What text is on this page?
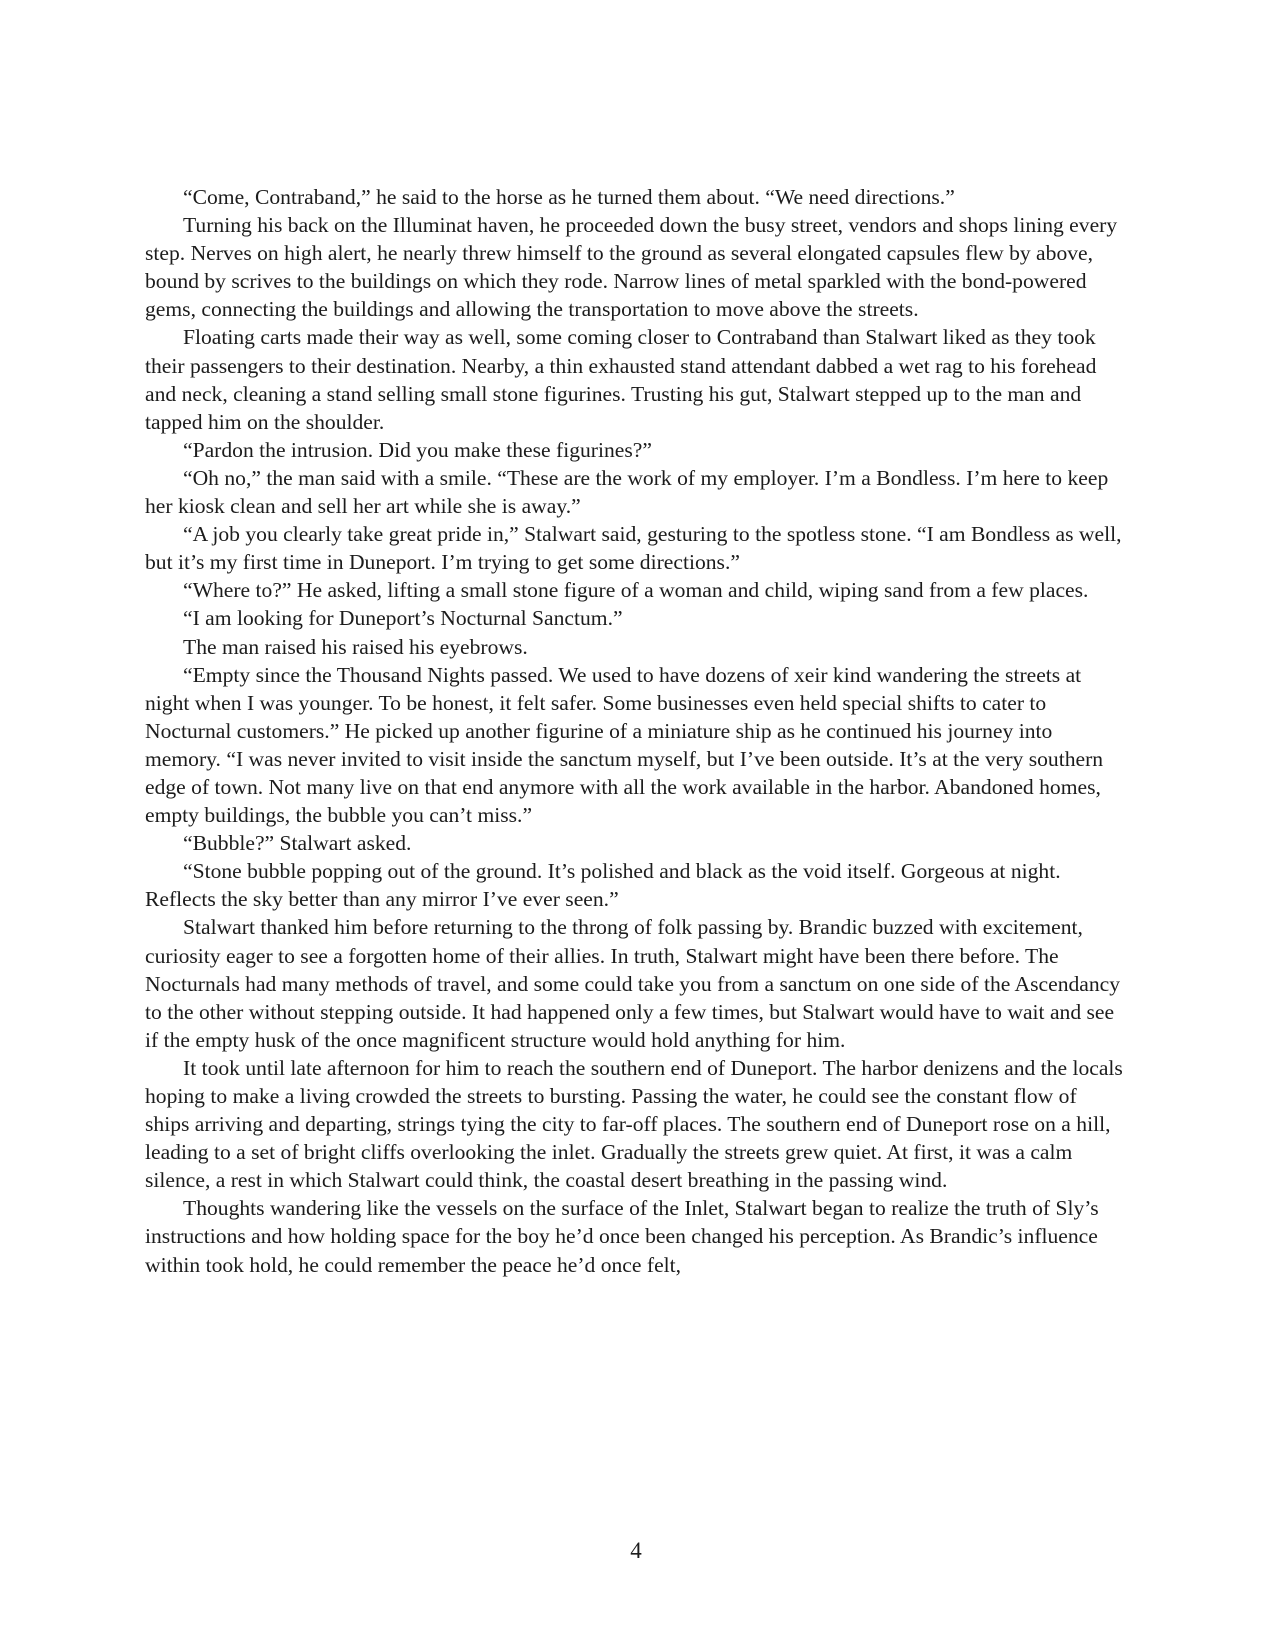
“Come, Contraband,” he said to the horse as he turned them about. “We need directions.”

Turning his back on the Illuminat haven, he proceeded down the busy street, vendors and shops lining every step. Nerves on high alert, he nearly threw himself to the ground as several elongated capsules flew by above, bound by scrives to the buildings on which they rode. Narrow lines of metal sparkled with the bond-powered gems, connecting the buildings and allowing the transportation to move above the streets.

Floating carts made their way as well, some coming closer to Contraband than Stalwart liked as they took their passengers to their destination. Nearby, a thin exhausted stand attendant dabbed a wet rag to his forehead and neck, cleaning a stand selling small stone figurines. Trusting his gut, Stalwart stepped up to the man and tapped him on the shoulder.

“Pardon the intrusion. Did you make these figurines?”

“Oh no,” the man said with a smile. “These are the work of my employer. I’m a Bondless. I’m here to keep her kiosk clean and sell her art while she is away.”

“A job you clearly take great pride in,” Stalwart said, gesturing to the spotless stone. “I am Bondless as well, but it’s my first time in Duneport. I’m trying to get some directions.”

“Where to?” He asked, lifting a small stone figure of a woman and child, wiping sand from a few places.

“I am looking for Duneport’s Nocturnal Sanctum.”

The man raised his raised his eyebrows.

“Empty since the Thousand Nights passed. We used to have dozens of xeir kind wandering the streets at night when I was younger. To be honest, it felt safer. Some businesses even held special shifts to cater to Nocturnal customers.” He picked up another figurine of a miniature ship as he continued his journey into memory. “I was never invited to visit inside the sanctum myself, but I’ve been outside. It’s at the very southern edge of town. Not many live on that end anymore with all the work available in the harbor. Abandoned homes, empty buildings, the bubble you can’t miss.”

“Bubble?” Stalwart asked.

“Stone bubble popping out of the ground. It’s polished and black as the void itself. Gorgeous at night. Reflects the sky better than any mirror I’ve ever seen.”

Stalwart thanked him before returning to the throng of folk passing by. Brandic buzzed with excitement, curiosity eager to see a forgotten home of their allies. In truth, Stalwart might have been there before. The Nocturnals had many methods of travel, and some could take you from a sanctum on one side of the Ascendancy to the other without stepping outside. It had happened only a few times, but Stalwart would have to wait and see if the empty husk of the once magnificent structure would hold anything for him.

It took until late afternoon for him to reach the southern end of Duneport. The harbor denizens and the locals hoping to make a living crowded the streets to bursting. Passing the water, he could see the constant flow of ships arriving and departing, strings tying the city to far-off places. The southern end of Duneport rose on a hill, leading to a set of bright cliffs overlooking the inlet. Gradually the streets grew quiet. At first, it was a calm silence, a rest in which Stalwart could think, the coastal desert breathing in the passing wind.

Thoughts wandering like the vessels on the surface of the Inlet, Stalwart began to realize the truth of Sly’s instructions and how holding space for the boy he’d once been changed his perception. As Brandic’s influence within took hold, he could remember the peace he’d once felt,

4
